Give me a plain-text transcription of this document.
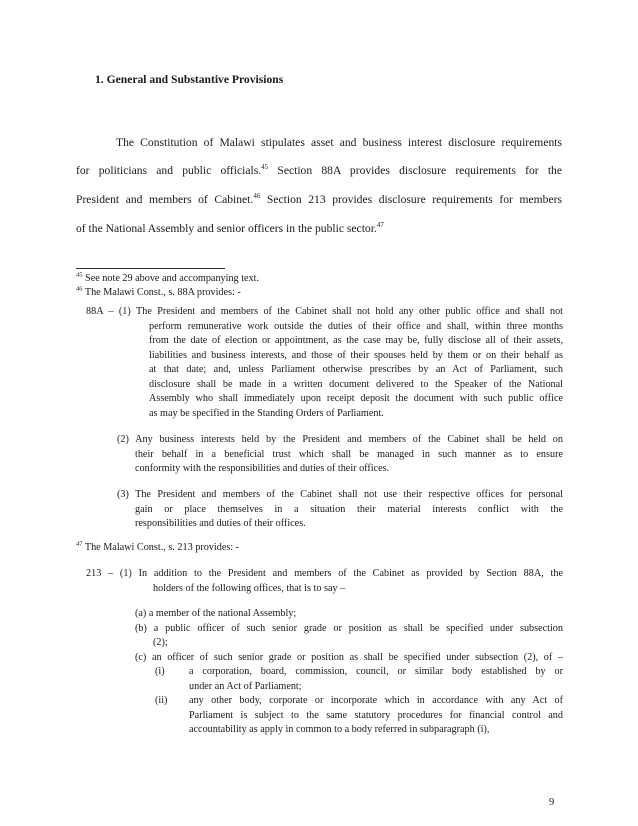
1. General and Substantive Provisions
The Constitution of Malawi stipulates asset and business interest disclosure requirements
for politicians and public officials.$^{45}$ Section 88A provides disclosure requirements for the
President and members of Cabinet.$^{46}$ Section 213 provides disclosure requirements for members
of the National Assembly and senior officers in the public sector.$^{47}$
$^{45}$ See note 29 above and accompanying text.
$^{46}$ The Malawi Const., s. 88A provides: -
88A – (1) The President and members of the Cabinet shall not hold any other public office and shall not
perform remunerative work outside the duties of their office and shall, within three months
from the date of election or appointment, as the case may be, fully disclose all of their assets,
liabilities and business interests, and those of their spouses held by them or on their behalf as
at that date; and, unless Parliament otherwise prescribes by an Act of Parliament, such
disclosure shall be made in a written document delivered to the Speaker of the National
Assembly who shall immediately upon receipt deposit the document with such public office
as may be specified in the Standing Orders of Parliament.
(2) Any business interests held by the President and members of the Cabinet shall be held on
their behalf in a beneficial trust which shall be managed in such manner as to ensure
conformity with the responsibilities and duties of their offices.
(3) The President and members of the Cabinet shall not use their respective offices for personal
gain or place themselves in a situation their material interests conflict with the
responsibilities and duties of their offices.
$^{47}$ The Malawi Const., s. 213 provides: -
213 – (1) In addition to the President and members of the Cabinet as provided by Section 88A, the
holders of the following offices, that is to say –
(a) a member of the national Assembly;
(b) a public officer of such senior grade or position as shall be specified under subsection
(2);
(c) an officer of such senior grade or position as shall be specified under subsection (2), of –
(i) a corporation, board, commission, council, or similar body established by or
under an Act of Parliament;
(ii) any other body, corporate or incorporate which in accordance with any Act of
Parliament is subject to the same statutory procedures for financial control and
accountability as apply in common to a body referred in subparagraph (i),
9
